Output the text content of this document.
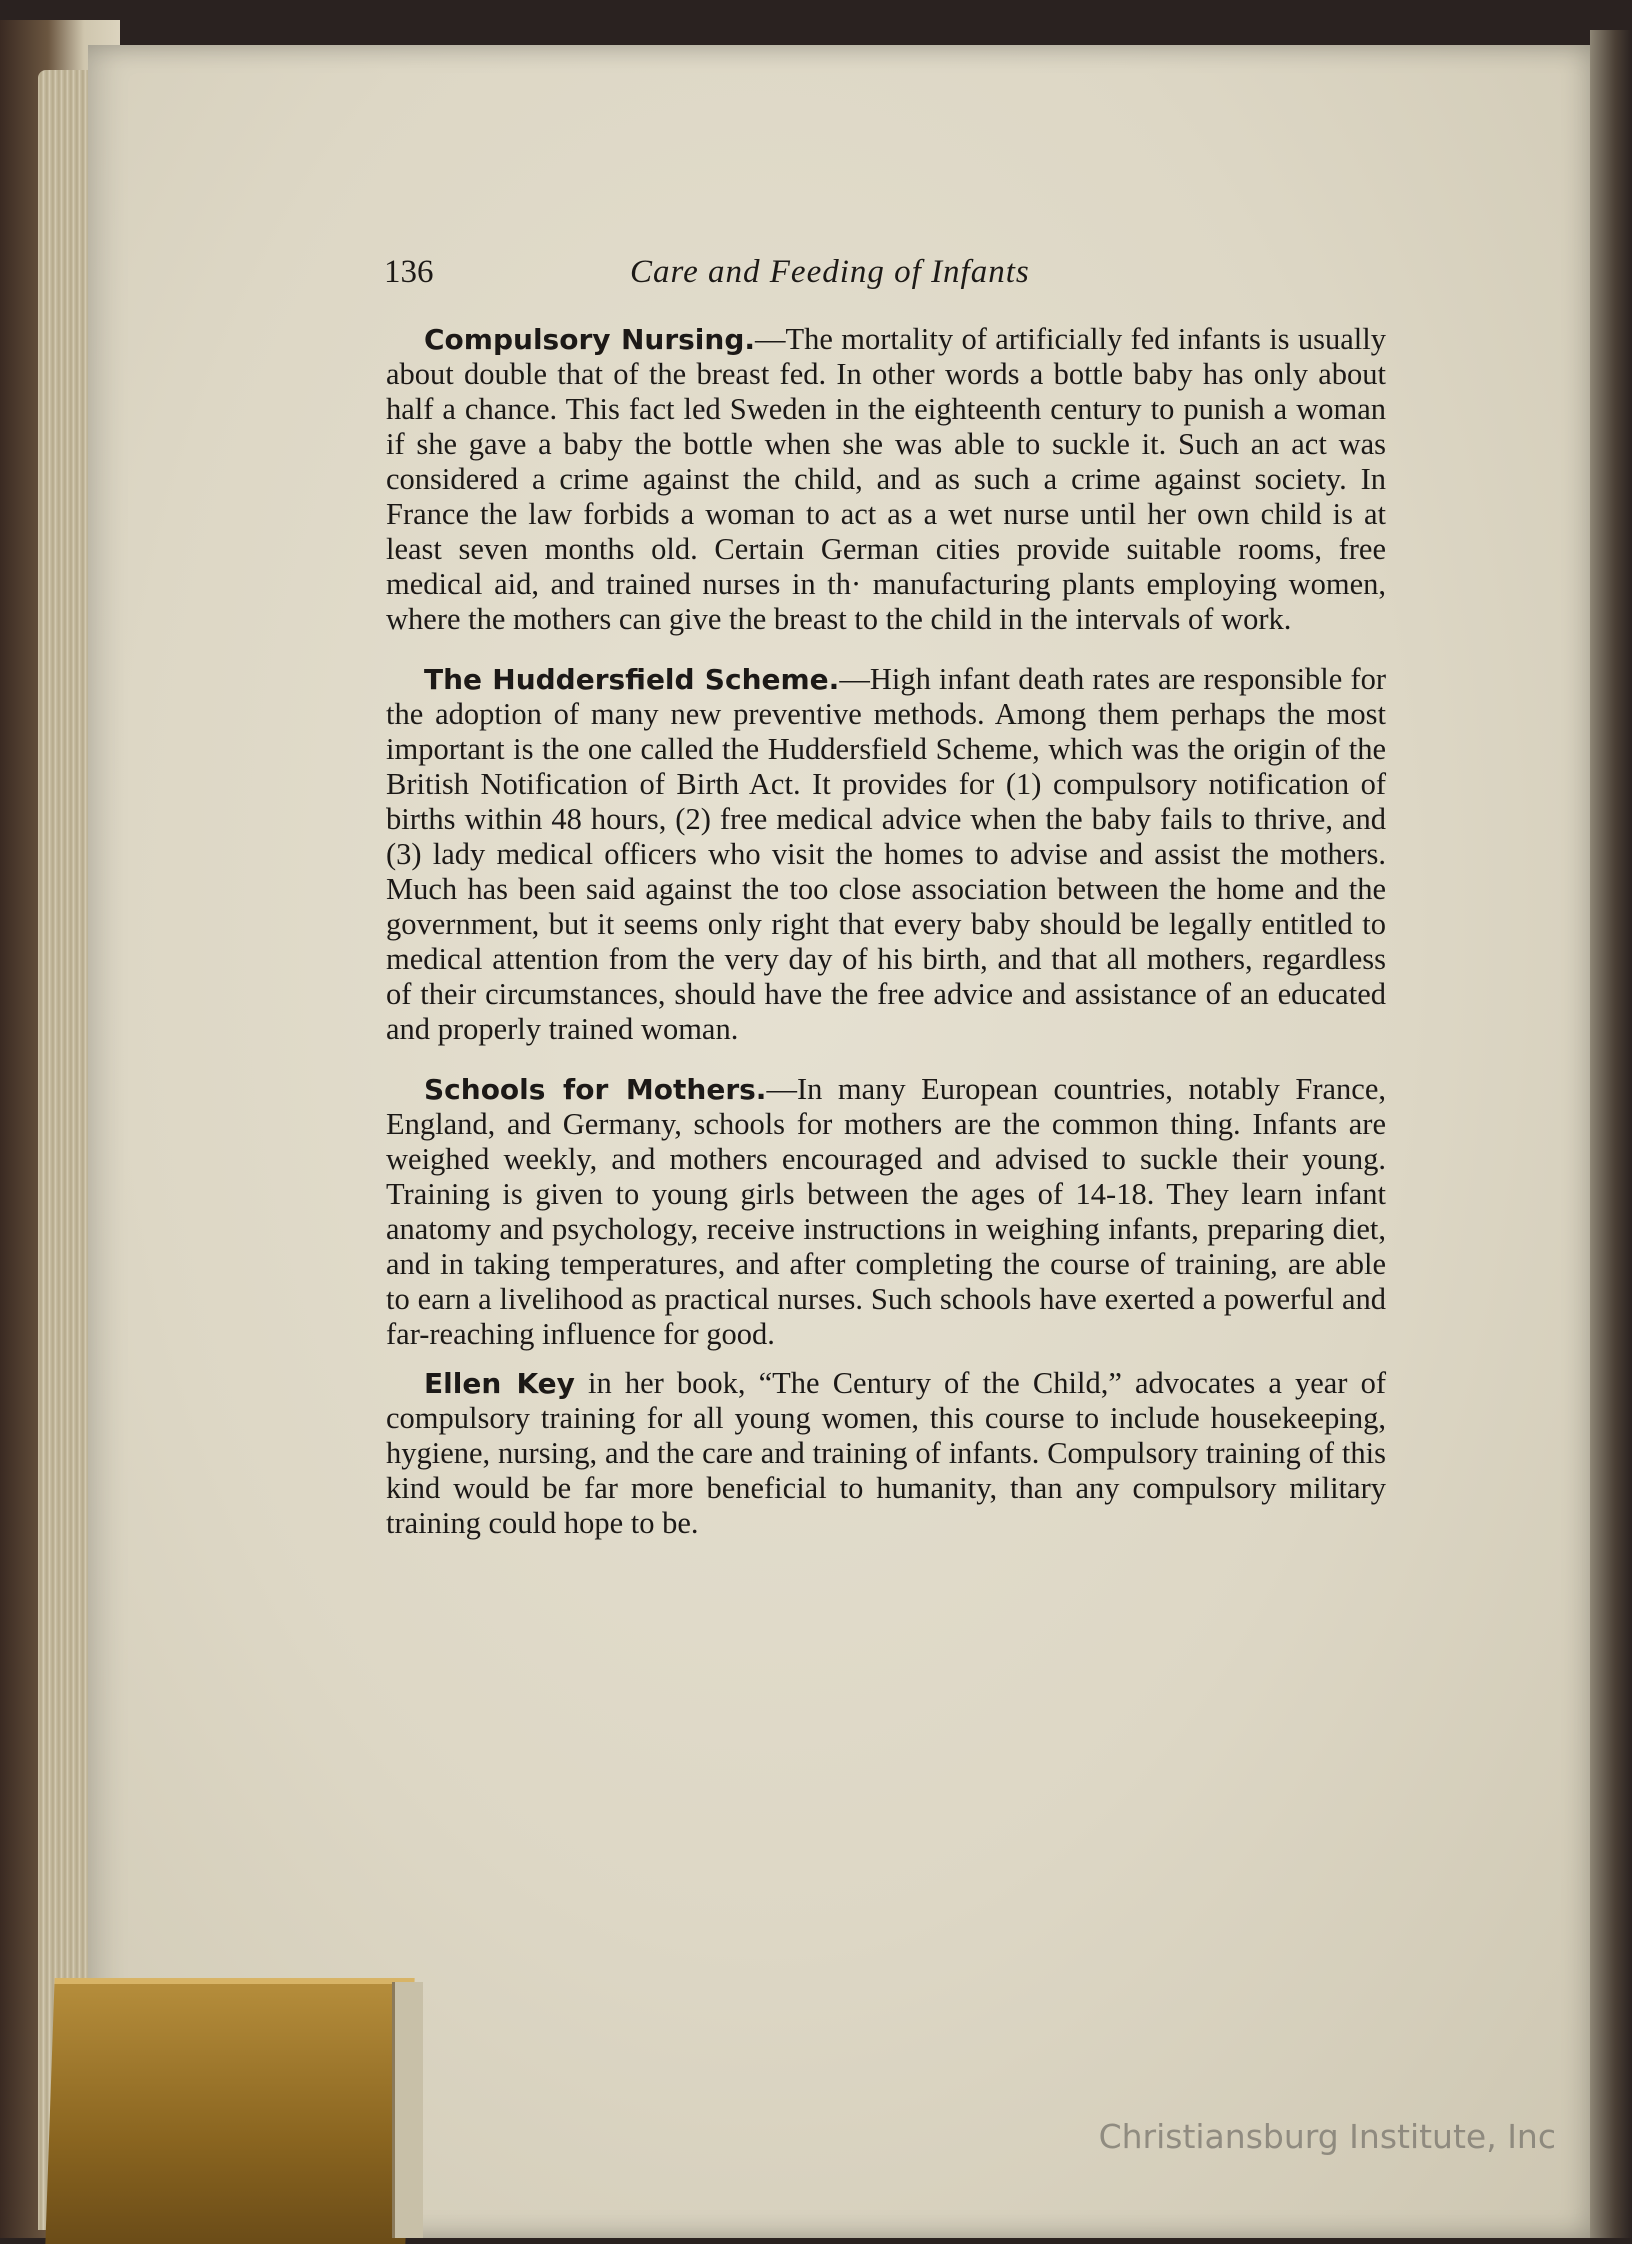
136	Care and Feeding of Infants

Compulsory Nursing.—The mortality of artificially fed infants is usually about double that of the breast fed. In other words a bottle baby has only about half a chance. This fact led Sweden in the eighteenth century to punish a woman if she gave a baby the bottle when she was able to suckle it. Such an act was considered a crime against the child, and as such a crime against society. In France the law forbids a woman to act as a wet nurse until her own child is at least seven months old. Certain German cities provide suitable rooms, free medical aid, and trained nurses in th· manufacturing plants employing women, where the mothers can give the breast to the child in the intervals of work.

The Huddersfield Scheme.—High infant death rates are responsible for the adoption of many new preventive methods. Among them perhaps the most important is the one called the Huddersfield Scheme, which was the origin of the British Notification of Birth Act. It provides for (1) compulsory notification of births within 48 hours, (2) free medical advice when the baby fails to thrive, and (3) lady medical officers who visit the homes to advise and assist the mothers. Much has been said against the too close association between the home and the government, but it seems only right that every baby should be legally entitled to medical attention from the very day of his birth, and that all mothers, regardless of their circumstances, should have the free advice and assistance of an educated and properly trained woman.

Schools for Mothers.—In many European countries, notably France, England, and Germany, schools for mothers are the common thing. Infants are weighed weekly, and mothers encouraged and advised to suckle their young. Training is given to young girls between the ages of 14-18. They learn infant anatomy and psychology, receive instructions in weighing infants, preparing diet, and in taking temperatures, and after completing the course of training, are able to earn a livelihood as practical nurses. Such schools have exerted a powerful and far-reaching influence for good.

Ellen Key in her book, “The Century of the Child,” advocates a year of compulsory training for all young women, this course to include housekeeping, hygiene, nursing, and the care and training of infants. Compulsory training of this kind would be far more beneficial to humanity, than any compulsory military training could hope to be.

Christiansburg Institute, Inc
